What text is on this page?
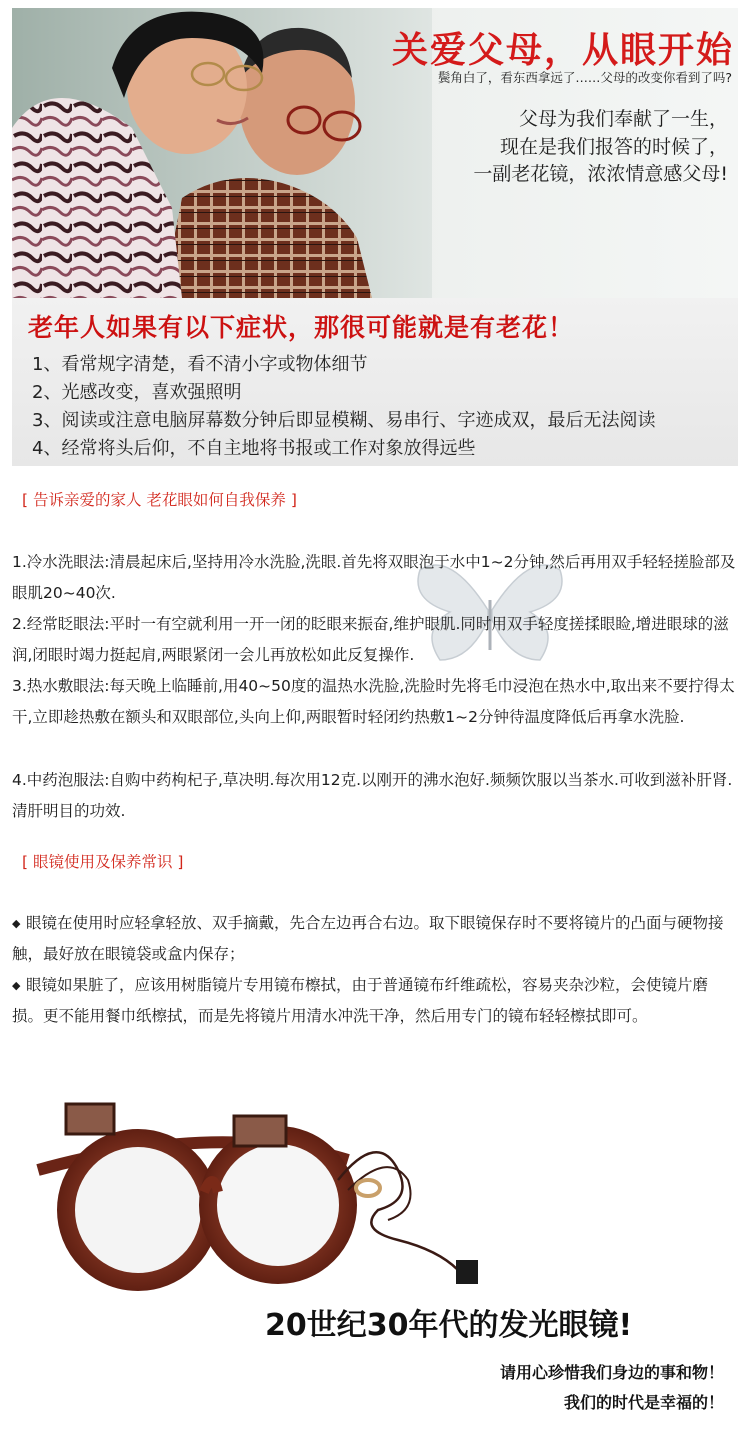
关爱父母，从眼开始
鬓角白了，看东西拿远了……父母的改变你看到了吗?
父母为我们奉献了一生，
现在是我们报答的时候了，
一副老花镜，浓浓情意感父母!
老年人如果有以下症状，那很可能就是有老花！
1、看常规字清楚，看不清小字或物体细节
2、光感改变，喜欢强照明
3、阅读或注意电脑屏幕数分钟后即显模糊、易串行、字迹成双，最后无法阅读
4、经常将头后仰，不自主地将书报或工作对象放得远些
[ 告诉亲爱的家人 老花眼如何自我保养 ]
1.冷水洗眼法:清晨起床后,坚持用冷水洗脸,洗眼.首先将双眼泡于水中1~2分钟,然后再用双手轻轻搓脸部及眼肌20~40次.
2.经常眨眼法:平时一有空就利用一开一闭的眨眼来振奋,维护眼肌.同时用双手轻度搓揉眼睑,增进眼球的滋润,闭眼时竭力挺起肩,两眼紧闭一会儿再放松如此反复操作.
3.热水敷眼法:每天晚上临睡前,用40~50度的温热水洗脸,洗脸时先将毛巾浸泡在热水中,取出来不要拧得太干,立即趁热敷在额头和双眼部位,头向上仰,两眼暂时轻闭约热敷1~2分钟待温度降低后再拿水洗脸.
4.中药泡服法:自购中药枸杞子,草决明.每次用12克.以刚开的沸水泡好.频频饮服以当茶水.可收到滋补肝肾.清肝明目的功效.
[ 眼镜使用及保养常识 ]
◆ 眼镜在使用时应轻拿轻放、双手摘戴，先合左边再合右边。取下眼镜保存时不要将镜片的凸面与硬物接触，最好放在眼镜袋或盒内保存；
◆ 眼镜如果脏了，应该用树脂镜片专用镜布檫拭，由于普通镜布纤维疏松，容易夹杂沙粒，会使镜片磨损。更不能用餐巾纸檫拭，而是先将镜片用清水冲洗干净，然后用专门的镜布轻轻檫拭即可。
20世纪30年代的发光眼镜!
请用心珍惜我们身边的事和物！
我们的时代是幸福的！
